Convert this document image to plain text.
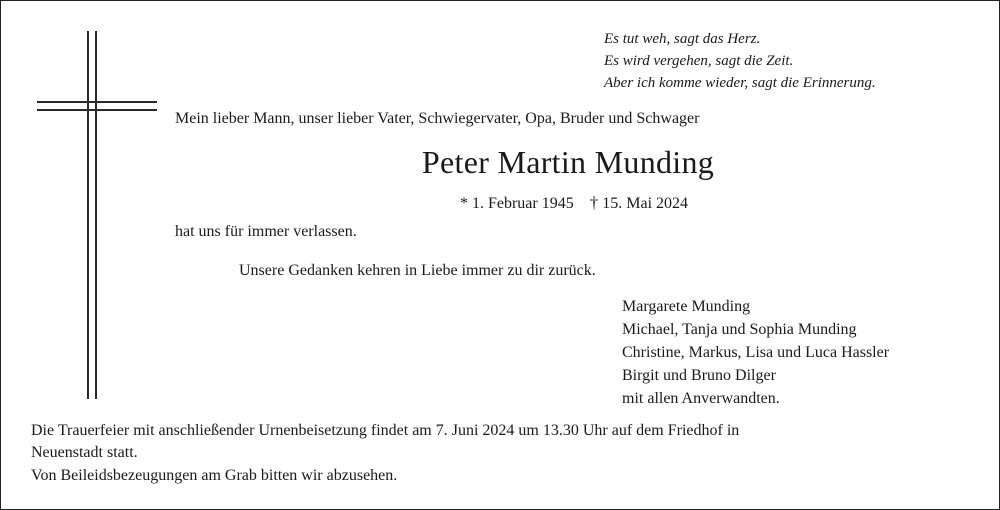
Es tut weh, sagt das Herz.

Es wird vergehen, sagt die Zeit.

Aber ich komme wieder, sagt die Erinnerung.

Mein lieber Mann, unser lieber Vater, Schwiegervater, Opa, Bruder und Schwager

Peter Martin Munding

* 1. Februar 1945 † 15. Mai 2024

hat uns für immer verlassen.

Unsere Gedanken kehren in Liebe immer zu dir zurück.

Margarete Munding

Michael, Tanja und Sophia Munding

Christine, Markus, Lisa und Luca Hassler

Birgit und Bruno Dilger

mit allen Anverwandten.

Die Trauerfeier mit anschließender Urnenbeisetzung findet am 7. Juni 2024 um 13.30 Uhr auf dem Friedhof in

Neuenstadt statt.

Von Beileidsbezeugungen am Grab bitten wir abzusehen.
